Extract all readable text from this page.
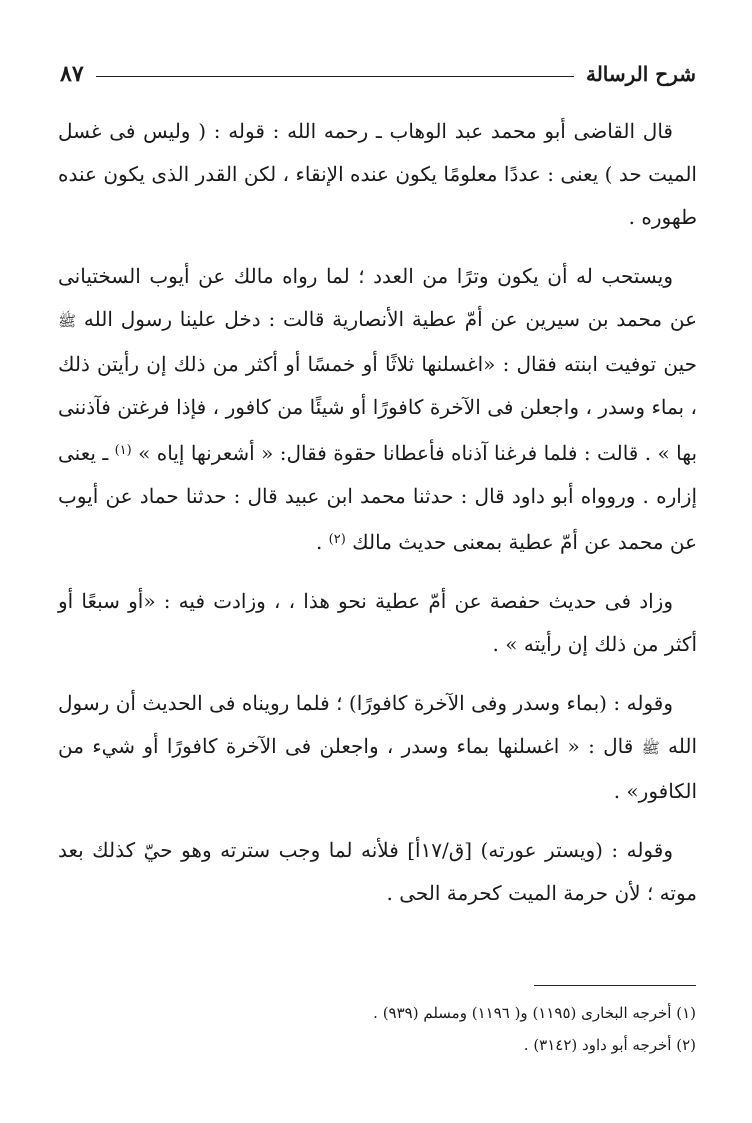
شرح الرسالة
٨٧

قال القاضى أبو محمد عبد الوهاب ـ رحمه الله : قوله : ( وليس فى غسل الميت حد ) يعنى : عددًا معلومًا يكون عنده الإنقاء ، لكن القدر الذى يكون عنده طهوره .

ويستحب له أن يكون وترًا من العدد ؛ لما رواه مالك عن أيوب السختيانى عن محمد بن سيرين عن أمّ عطية الأنصارية قالت : دخل علينا رسول الله ﷺ حين توفيت ابنته فقال : «اغسلنها ثلاثًا أو خمسًا أو أكثر من ذلك إن رأيتن ذلك ، بماء وسدر ، واجعلن فى الآخرة كافورًا أو شيئًا من كافور ، فإذا فرغتن فآذننى بها » . قالت : فلما فرغنا آذناه فأعطانا حقوة فقال: « أشعرنها إياه » $^{(١)}$ ـ يعنى إزاره . وروواه أبو داود قال : حدثنا محمد ابن عبيد قال : حدثنا حماد عن أيوب عن محمد عن أمّ عطية بمعنى حديث مالك $^{(٢)}$ .

وزاد فى حديث حفصة عن أمّ عطية نحو هذا ، ، وزادت فيه : «أو سبعًا أو أكثر من ذلك إن رأيته » .

وقوله : (بماء وسدر وفى الآخرة كافورًا) ؛ فلما رويناه فى الحديث أن رسول الله ﷺ قال : « اغسلنها بماء وسدر ، واجعلن فى الآخرة كافورًا أو شيء من الكافور» .

وقوله : (ويستر عورته) [ق/١٧أ] فلأنه لما وجب سترته وهو حيّ كذلك بعد موته ؛ لأن حرمة الميت كحرمة الحى .

(١) أخرجه البخارى (١١٩٥) و( ١١٩٦) ومسلم (٩٣٩) .

(٢) أخرجه أبو داود (٣١٤٢) .
